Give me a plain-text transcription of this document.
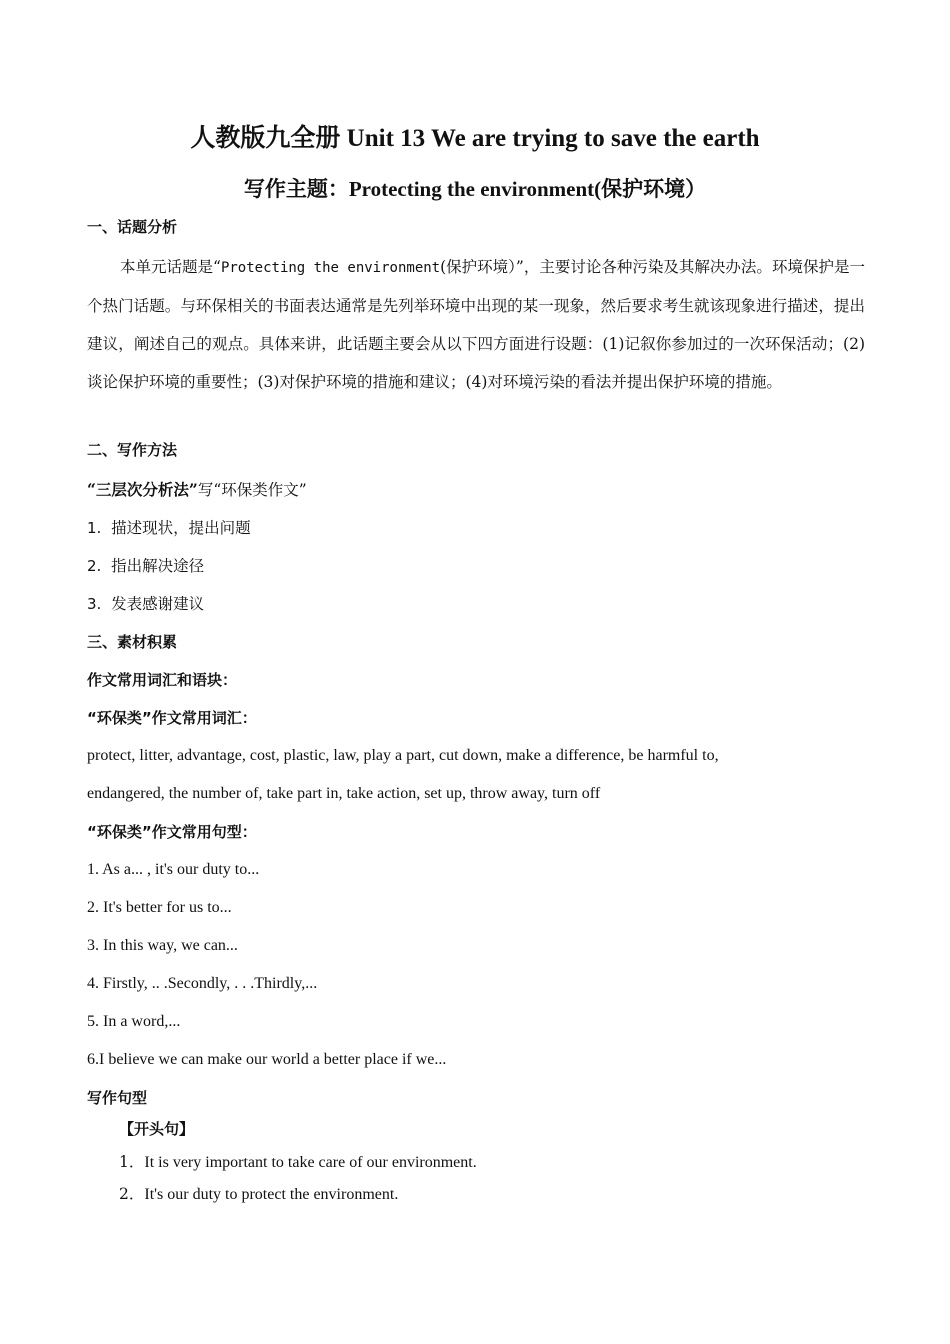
人教版九全册 Unit 13 We are trying to save the earth
写作主题：Protecting the environment(保护环境）
一、话题分析
本单元话题是“Protecting the environment(保护环境）”，主要讨论各种污染及其解决办法。环境保护是一个热门话题。与环保相关的书面表达通常是先列举环境中出现的某一现象，然后要求考生就该现象进行描述，提出建议，阐述自己的观点。具体来讲，此话题主要会从以下四方面进行设题：(1)记叙你参加过的一次环保活动；(2)谈论保护环境的重要性；(3)对保护环境的措施和建议；(4)对环境污染的看法并提出保护环境的措施。
二、写作方法
“三层次分析法”写“环保类作文”
1. 描述现状，提出问题
2. 指出解决途径
3. 发表感谢建议
三、素材积累
作文常用词汇和语块：
“环保类”作文常用词汇：
protect, litter, advantage, cost, plastic, law, play a part, cut down, make a difference, be harmful to,
endangered, the number of, take part in, take action, set up, throw away, turn off
“环保类”作文常用句型：
1. As a... , it's our duty to...
2. It's better for us to...
3. In this way, we can...
4. Firstly, .. .Secondly, . . .Thirdly,...
5. In a word,...
6.I believe we can make our world a better place if we...
写作句型
【开头句】
1．It is very important to take care of our environment.
2．It's our duty to protect the environment.
